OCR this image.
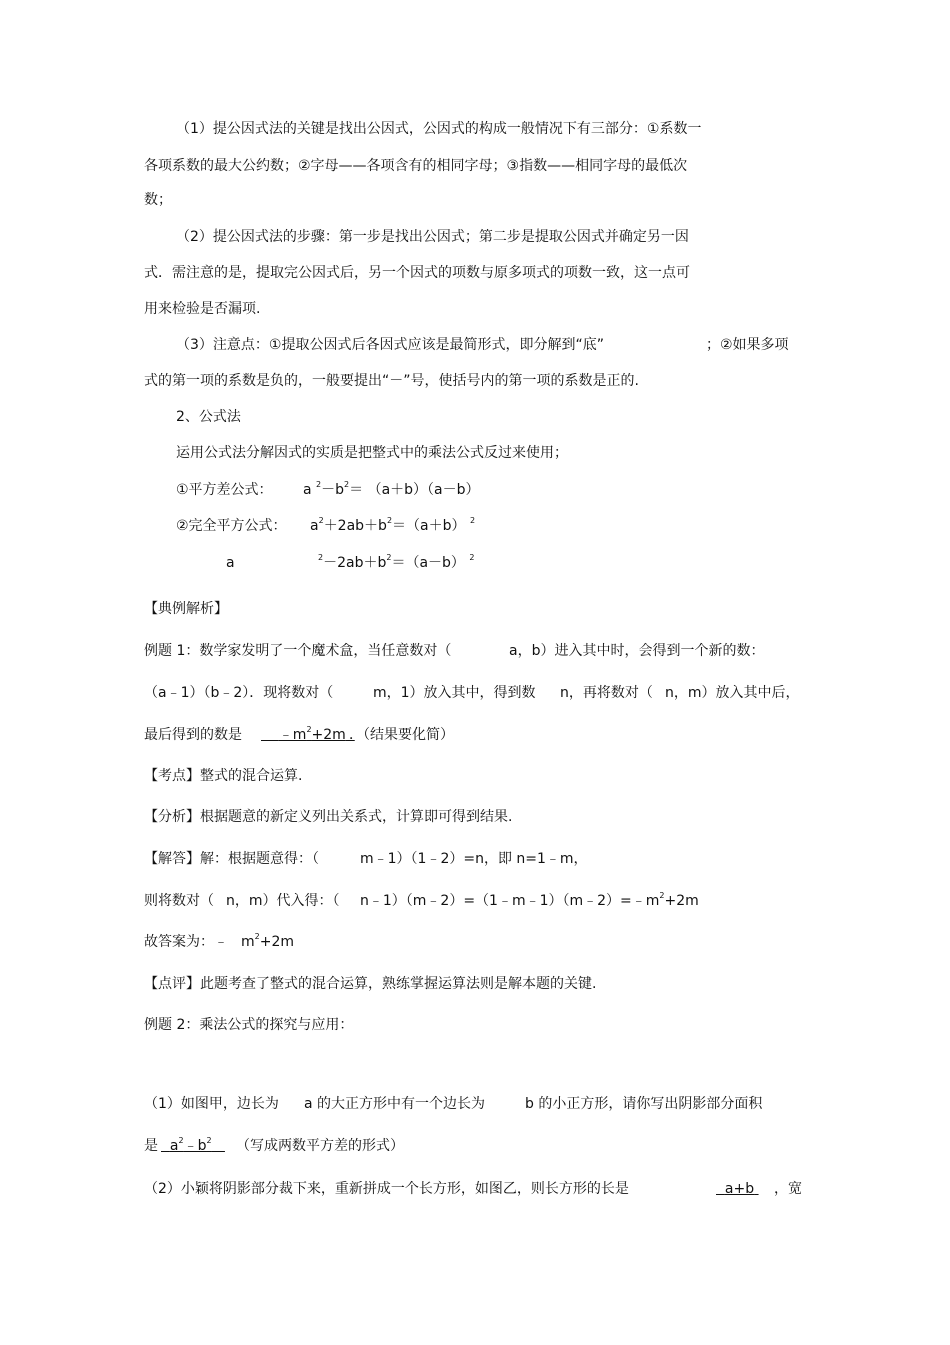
（1）提公因式法的关键是找出公因式，公因式的构成一般情况下有三部分：①系数一
各项系数的最大公约数；②字母——各项含有的相同字母；③指数——相同字母的最低次
数；
（2）提公因式法的步骤：第一步是找出公因式；第二步是提取公因式并确定另一因
式．需注意的是，提取完公因式后，另一个因式的项数与原多项式的项数一致，这一点可
用来检验是否漏项.
（3）注意点：①提取公因式后各因式应该是最简形式，即分解到“底”	；②如果多项
式的第一项的系数是负的，一般要提出“－”号，使括号内的第一项的系数是正的.
2、公式法
运用公式法分解因式的实质是把整式中的乘法公式反过来使用；
①平方差公式： a $^2-b^2= (a+b)(a-b)$
②完全平方公式： $a^2+2ab+b^2=(a+b)$ $^2$
a	$^2-2ab+b^2=(a-b)$ $^2$
【典例解析】
例题 1：数学家发明了一个魔术盒，当任意数对（	a，b）进入其中时，会得到一个新的数：
（a﹣1）（b﹣2）．现将数对（	m，1）放入其中，得到数 n，再将数对（ n，m）放入其中后，
最后得到的数是	$﹣m^2+2m$ ．（结果要化简）
【考点】整式的混合运算.
【分析】根据题意的新定义列出关系式，计算即可得到结果.
【解答】解：根据题意得：（	m﹣1）（1﹣2）=n，即 n=1﹣m，
则将数对（ n，m）代入得：（ $n﹣1)(m﹣2)=(1﹣m﹣1)(m﹣2)=﹣m^2+2m$
故答案为：﹣ $m^2+2m$
【点评】此题考查了整式的混合运算，熟练掌握运算法则是解本题的关键.
例题 2：乘法公式的探究与应用：
（1）如图甲，边长为 a 的大正方形中有一个边长为	b 的小正方形，请你写出阴影部分面积
是 $a^2﹣b^2$	（写成两数平方差的形式）
（2）小颖将阴影部分裁下来，重新拼成一个长方形，如图乙，则长方形的长是	a+b	，宽
